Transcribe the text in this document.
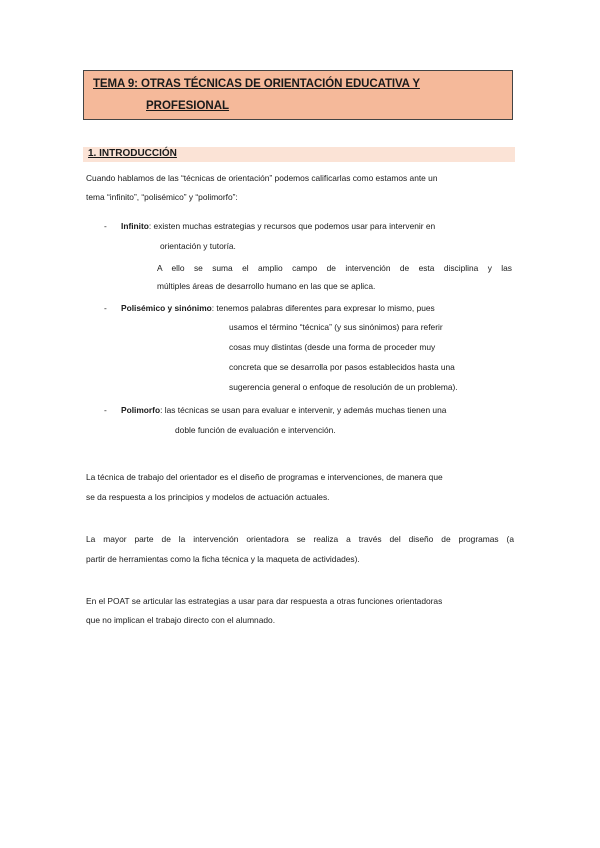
TEMA 9: OTRAS TÉCNICAS DE ORIENTACIÓN EDUCATIVA Y
PROFESIONAL
1. INTRODUCCIÓN
Cuando hablamos de las “técnicas de orientación” podemos calificarlas como estamos ante un
tema “infinito”, “polisémico” y “polimorfo”:
- Infinito: existen muchas estrategias y recursos que podemos usar para intervenir en
orientación y tutoría.
A ello se suma el amplio campo de intervención de esta disciplina y las
múltiples áreas de desarrollo humano en las que se aplica.
- Polisémico y sinónimo: tenemos palabras diferentes para expresar lo mismo, pues
usamos el término “técnica” (y sus sinónimos) para referir
cosas muy distintas (desde una forma de proceder muy
concreta que se desarrolla por pasos establecidos hasta una
sugerencia general o enfoque de resolución de un problema).
- Polimorfo: las técnicas se usan para evaluar e intervenir, y además muchas tienen una
doble función de evaluación e intervención.
La técnica de trabajo del orientador es el diseño de programas e intervenciones, de manera que
se da respuesta a los principios y modelos de actuación actuales.
La mayor parte de la intervención orientadora se realiza a través del diseño de programas (a
partir de herramientas como la ficha técnica y la maqueta de actividades).
En el POAT se articular las estrategias a usar para dar respuesta a otras funciones orientadoras
que no implican el trabajo directo con el alumnado.
